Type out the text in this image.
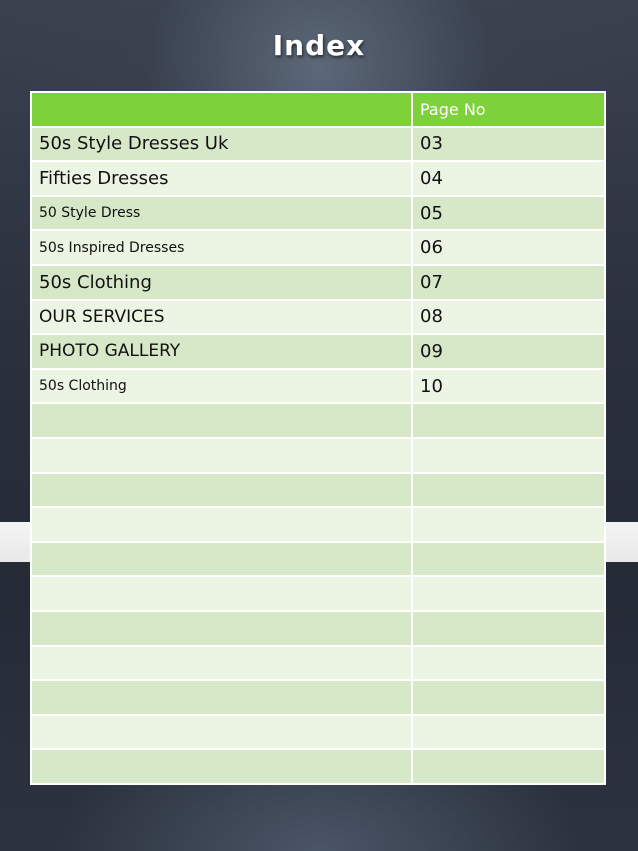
Index
	Page No
50s Style Dresses Uk	03
Fifties Dresses	04
50 Style Dress	05
50s Inspired Dresses	06
50s Clothing	07
OUR SERVICES	08
PHOTO GALLERY	09
50s Clothing	10
